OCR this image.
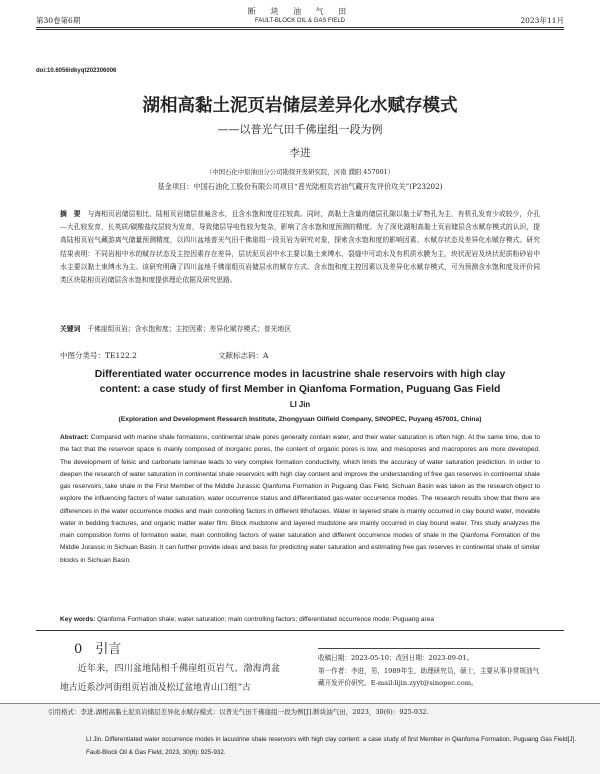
断 块 油 气 田
FAULT-BLOCK OIL & GAS FIELD
第30卷第6期	2023年11月
doi:10.6056/dkyqt202306006
湖相高黏土泥页岩储层差异化水赋存模式
——以普光气田千佛崖组一段为例
李进
（中国石化中原油田分公司勘探开发研究院，河南 濮阳 457001）
基金项目：中国石油化工股份有限公司项目“普光陆相页岩油气藏开发评价攻关”(P23202)
摘　要　 与海相页岩储层相比，陆相页岩储层普遍含水，且含水饱和度往往较高。同时，高黏土含量的储层孔隙以黏土矿物孔为主，有机孔发育少或较少，介孔—大孔较发育，长英质/碳酸盐纹层较为发育，导致储层导电性较为复杂，影响了含水饱和度预测的精度。为了深化湖相高黏土页岩储层含水赋存模式的认识，提高陆相页岩气藏游离气储量预测精度，以四川盆地普光气田千佛崖组一段页岩为研究对象，探索含水饱和度的影响因素、水赋存状态及差异化水赋存模式。研究结果表明：不同岩相中水的赋存状态及主控因素存在差异，层状泥页岩中水主要以黏土束缚水、裂缝中可动水及有机质水膜为主，块状泥岩及块状泥质粉砂岩中水主要以黏土束缚水为主。该研究明确了四川盆地千佛崖组页岩储层水的赋存方式、含水饱和度主控因素以及差异化水赋存模式，可为预测含水饱和度及评价同类区块陆相页岩储层含水饱和度提供理论依据及研究思路。
关键词　 千佛崖组页岩；含水饱和度；主控因素；差异化赋存模式；普光地区
中图分类号：TE122.2	文献标志码：A
Differentiated water occurrence modes in lacustrine shale reservoirs with high clay content: a case study of first Member in Qianfoma Formation, Puguang Gas Field
LI Jin
(Exploration and Development Research Institute, Zhongyuan Oilfield Company, SINOPEC, Puyang 457001, China)
Abstract: Compared with marine shale formations, continental shale pores generally contain water, and their water saturation is often high. At the same time, due to the fact that the reservoir space is mainly composed of inorganic pores, the content of organic pores is low, and mesopores and macropores are more developed. The development of felsic and carbonate laminae leads to very complex formation conductivity, which limits the accuracy of water saturation prediction. In order to deepen the research of water saturation in continental shale reservoirs with high clay content and improve the understanding of free gas reserves in continental shale gas reservoirs, take shale in the First Member of the Middle Jurassic Qianfoma Formation in Puguang Gas Field, Sichuan Basin was taken as the research object to explore the influencing factors of water saturation, water occurrence status and differentiated gas-water occurrence modes. The research results show that there are differences in the water occurrence modes and main controlling factors in different lithofacies. Water in layered shale is mainly occurred in clay bound water, movable water in bedding fractures, and organic matter water film. Block mudstone and layered mudstone are mainly occurred in clay bound water. This study analyzes the main composition forms of formation water, main controlling factors of water saturation and different occurrence modes of shale in the Qianfoma Formation of the Middle Jurassic in Sichuan Basin. It can further provide ideas and basis for predicting water saturation and estimating free gas reserves in continental shale of similar blocks in Sichuan Basin.
Key words: Qianfoma Formation shale; water saturation; main controlling factors; differentiated occurrence mode; Puguang area
0　引言
近年来，四川盆地陆相千佛崖组页岩气、渤海湾盆地古近系沙河街组页岩油及松辽盆地青山口组“古
收稿日期：2023-05-10；改回日期：2023-09-01。
第一作者：李进，男，1989年生，助理研究员，硕士，主要从事非常规油气藏开发评价研究。E-mail:lijin.zyyt@sinopec.com。
引用格式：李进.湖相高黏土泥页岩储层差异化水赋存模式：以普光气田千佛崖组一段为例[J].断块油气田，2023，30(6)：925-932.
LI Jin. Differentiated water occurrence modes in lacustrine shale reservoirs with high clay content: a case study of first Member in Qianfoma Formation, Puguang Gas Field[J]. Fault-Block Oil & Gas Field, 2023, 30(6): 925-932.
